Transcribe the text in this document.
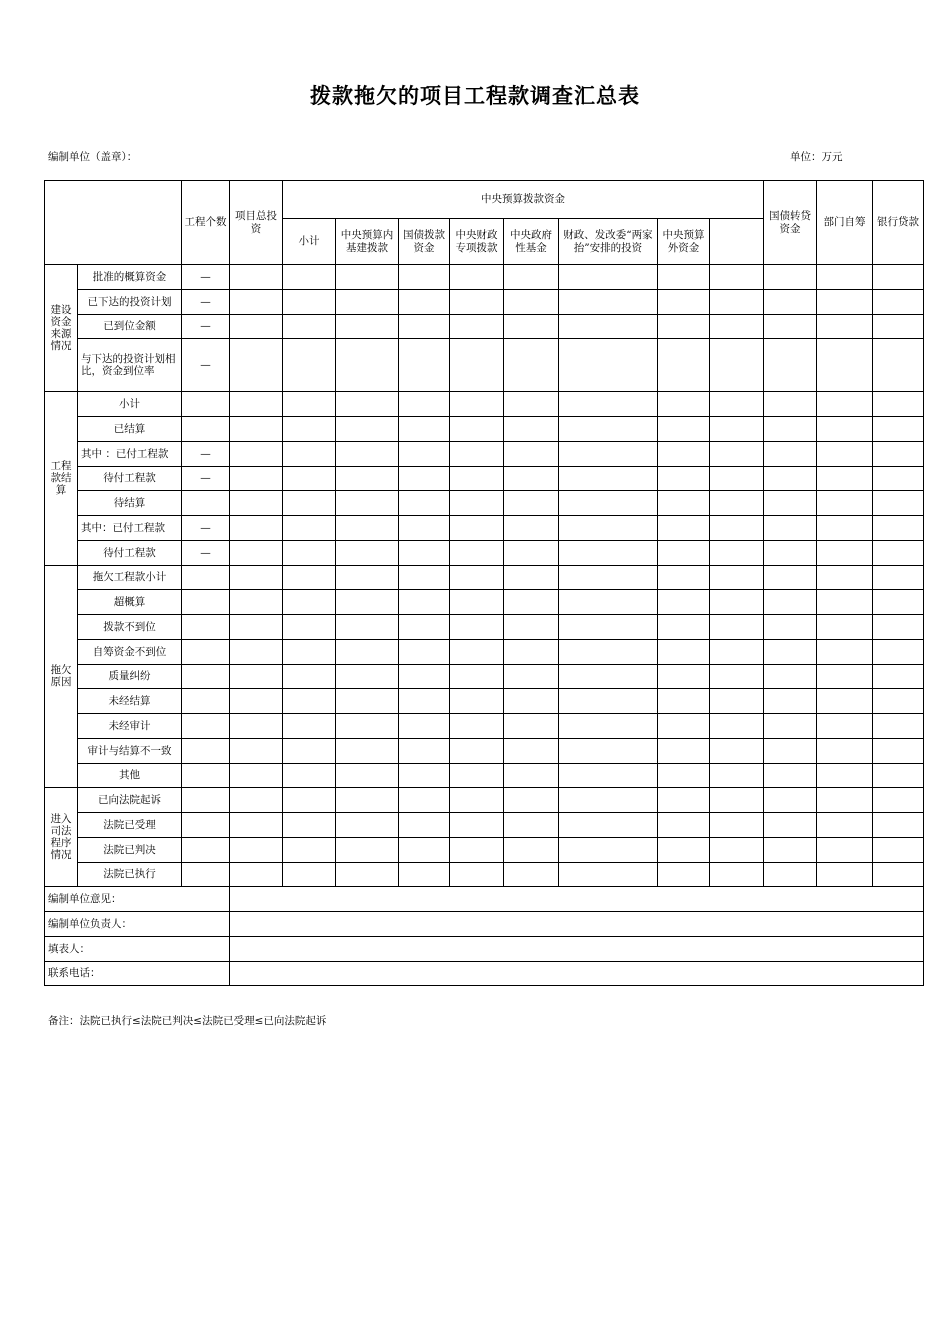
拨款拖欠的项目工程款调查汇总表
编制单位（盖章）：	单位：万元
		工程个数	项目总投资	中央预算拨款资金								国债转贷资金	部门自筹	银行贷款	
				小计	中央预算内基建拨款	国债拨款资金	中央财政专项拨款	中央政府性基金	财政、发改委“两家抬”安排的投资	中央预算外资金					
建设资金来源情况	批准的概算资金	—													
	已下达的投资计划	—													
	已到位金额	—													
	与下达的投资计划相比，资金到位率	—													
工程款结算	小计														
	已结算														
	其中 ：已付工程款	—													
	待付工程款	—													
	待结算														
	其中：已付工程款	—													
	待付工程款	—													
拖欠原因	拖欠工程款小计														
	超概算														
	拨款不到位														
	自筹资金不到位														
	质量纠纷														
	未经结算														
	未经审计														
	审计与结算不一致														
	其他														
进入司法程序情况	已向法院起诉														
	法院已受理														
	法院已判决														
	法院已执行														
编制单位意见：															
编制单位负责人：															
填表人：															
联系电话：															
备注：法院已执行≤法院已判决≤法院已受理≤已向法院起诉
